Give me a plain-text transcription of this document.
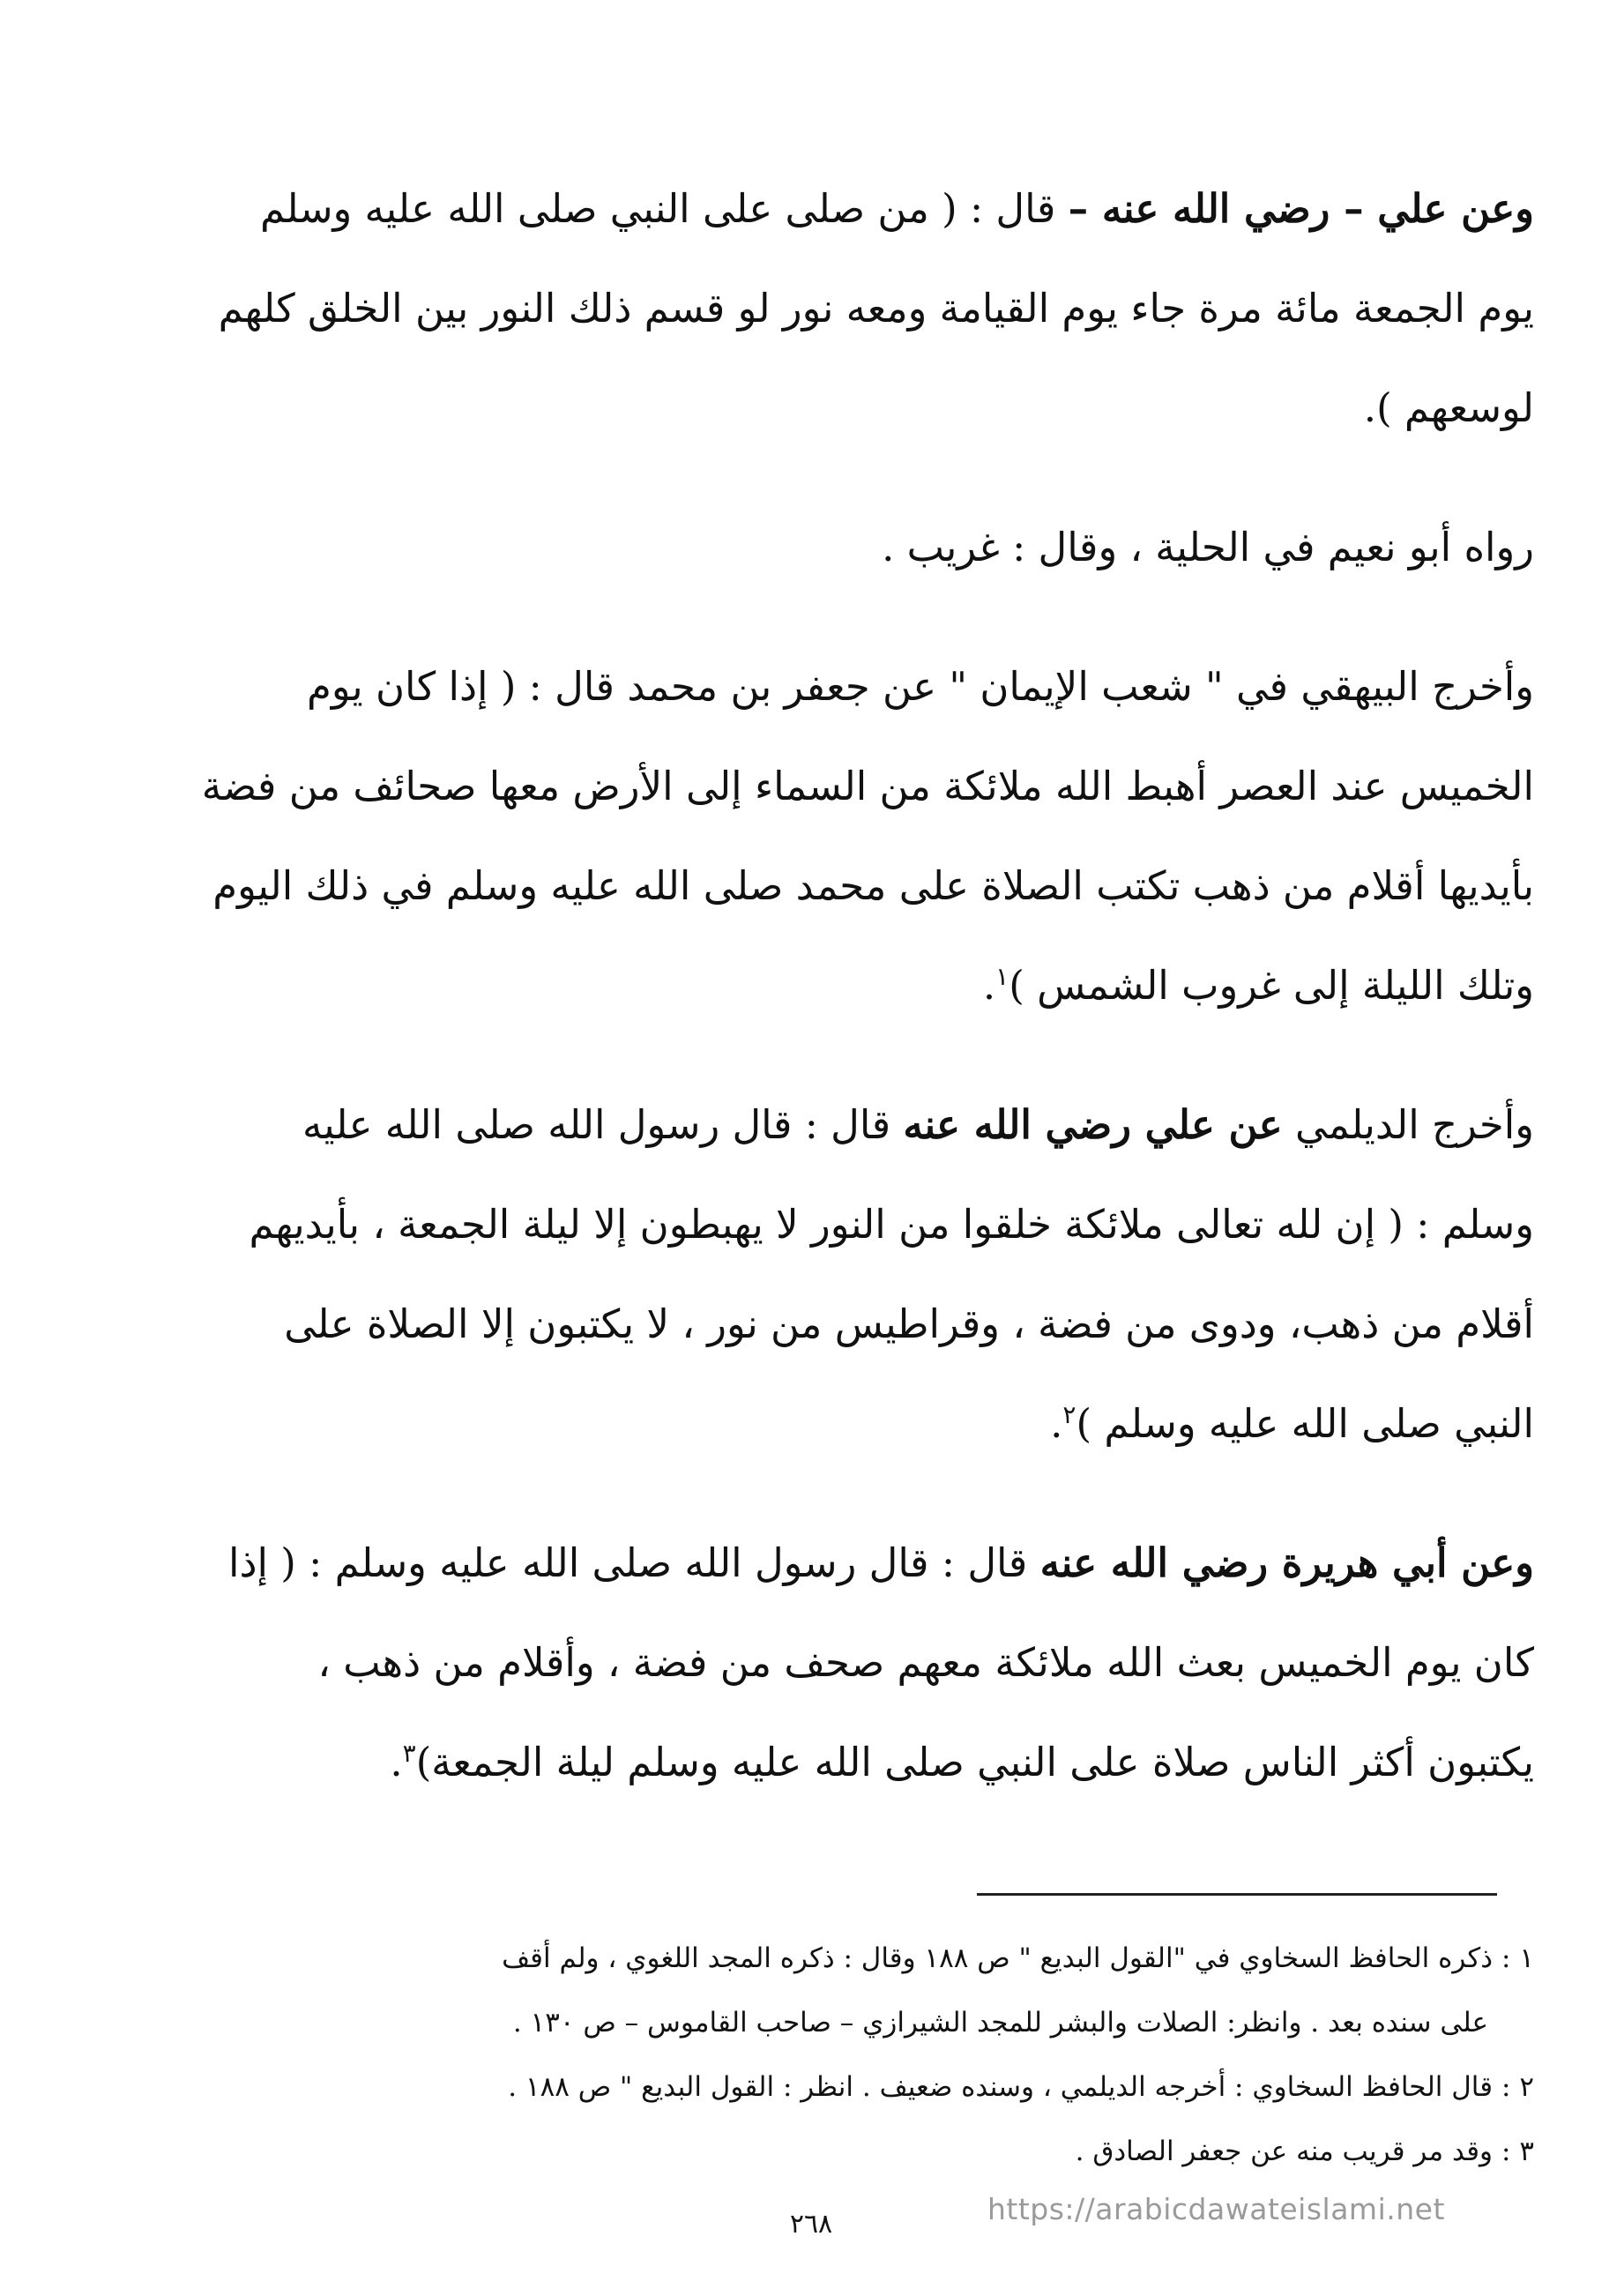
وعن علي – رضي الله عنه – قال : ( من صلى على النبي صلى الله عليه وسلم
يوم الجمعة مائة مرة جاء يوم القيامة ومعه نور لو قسم ذلك النور بين الخلق كلهم
لوسعهم ).
رواه أبو نعيم في الحلية ، وقال : غريب .
وأخرج البيهقي في " شعب الإيمان " عن جعفر بن محمد قال : ( إذا كان يوم
الخميس عند العصر أهبط الله ملائكة من السماء إلى الأرض معها صحائف من فضة
بأيديها أقلام من ذهب تكتب الصلاة على محمد صلى الله عليه وسلم في ذلك اليوم
وتلك الليلة إلى غروب الشمس )$^١$.
وأخرج الديلمي عن علي رضي الله عنه قال : قال رسول الله صلى الله عليه
وسلم : ( إن لله تعالى ملائكة خلقوا من النور لا يهبطون إلا ليلة الجمعة ، بأيديهم
أقلام من ذهب، ودوى من فضة ، وقراطيس من نور ، لا يكتبون إلا الصلاة على
النبي صلى الله عليه وسلم )$^٢$.
وعن أبي هريرة رضي الله عنه قال : قال رسول الله صلى الله عليه وسلم : ( إذا
كان يوم الخميس بعث الله ملائكة معهم صحف من فضة ، وأقلام من ذهب ،
يكتبون أكثر الناس صلاة على النبي صلى الله عليه وسلم ليلة الجمعة)$^٣$.
١ :ذكره الحافظ السخاوي في "القول البديع " ص ١٨٨ وقال : ذكره المجد اللغوي ، ولم أقف
على سنده بعد . وانظر: الصلات والبشر للمجد الشيرازي – صاحب القاموس – ص ١٣٠ .
٢ :قال الحافظ السخاوي : أخرجه الديلمي ، وسنده ضعيف . انظر : القول البديع " ص ١٨٨ .
٣ :وقد مر قريب منه عن جعفر الصادق .
٢٦٨	https://arabicdawateislami.net
